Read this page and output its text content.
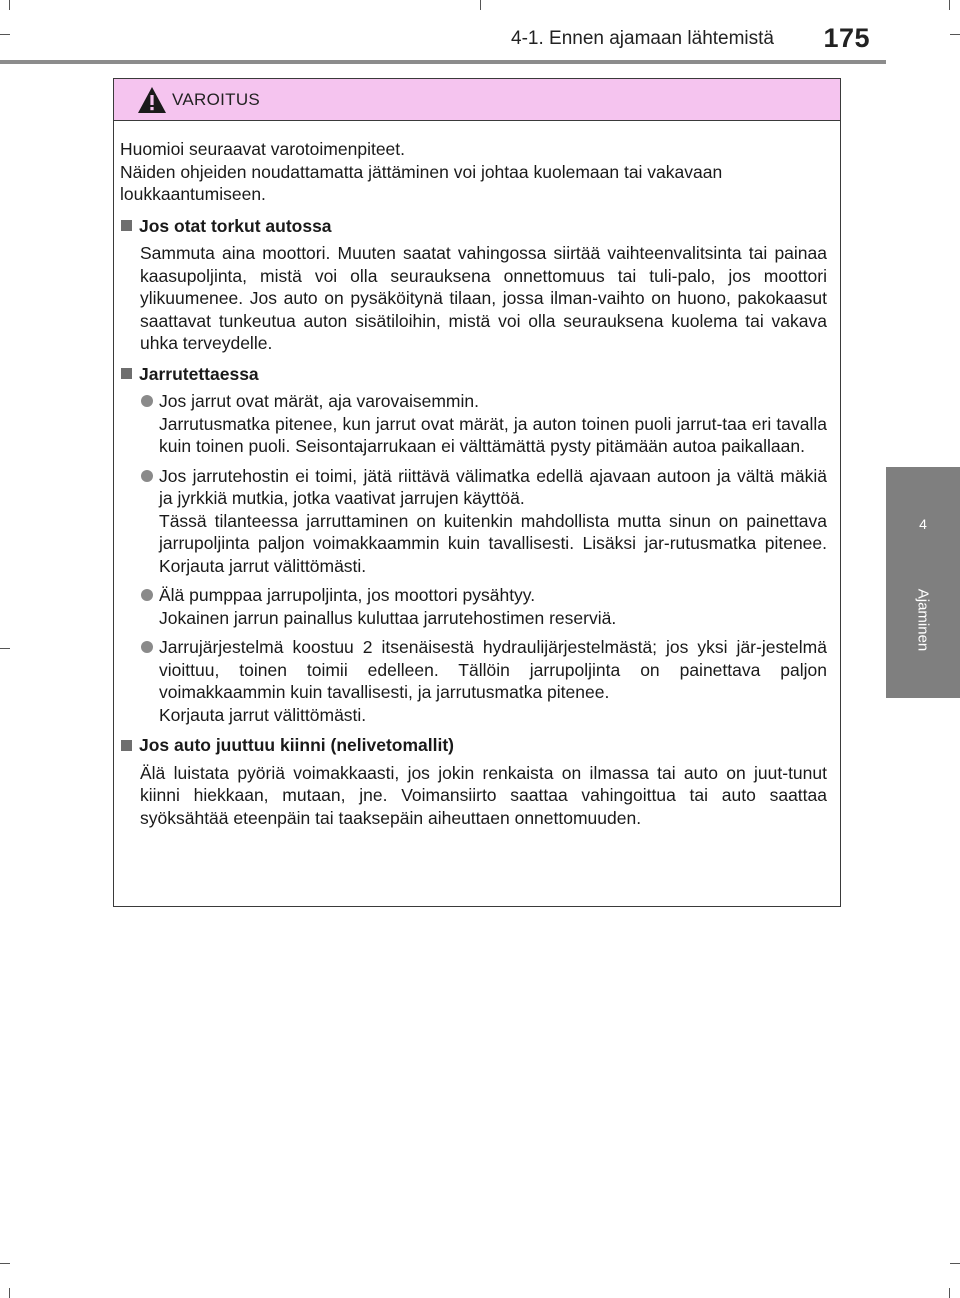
4-1. Ennen ajamaan lähtemistä 175
4
Ajaminen
VAROITUS

Huomioi seuraavat varotoimenpiteet.
Näiden ohjeiden noudattamatta jättäminen voi johtaa kuolemaan tai vakavaan loukkaantumiseen.

Jos otat torkut autossa
Sammuta aina moottori. Muuten saatat vahingossa siirtää vaihteenvalitsinta tai painaa kaasupoljinta, mistä voi olla seurauksena onnettomuus tai tuli-palo, jos moottori ylikuumenee. Jos auto on pysäköitynä tilaan, jossa ilman-vaihto on huono, pakokaasut saattavat tunkeutua auton sisätiloihin, mistä voi olla seurauksena kuolema tai vakava uhka terveydelle.
Jarrutettaessa
Jos jarrut ovat märät, aja varovaisemmin.
Jarrutusmatka pitenee, kun jarrut ovat märät, ja auton toinen puoli jarrut-taa eri tavalla kuin toinen puoli. Seisontajarrukaan ei välttämättä pysty pitämään autoa paikallaan.
Jos jarrutehostin ei toimi, jätä riittävä välimatka edellä ajavaan autoon ja vältä mäkiä ja jyrkkiä mutkia, jotka vaativat jarrujen käyttöä.
Tässä tilanteessa jarruttaminen on kuitenkin mahdollista mutta sinun on painettava jarrupoljinta paljon voimakkaammin kuin tavallisesti. Lisäksi jar-rutusmatka pitenee. Korjauta jarrut välittömästi.
Älä pumppaa jarrupoljinta, jos moottori pysähtyy.
Jokainen jarrun painallus kuluttaa jarrutehostimen reserviä.
Jarrujärjestelmä koostuu 2 itsenäisestä hydraulijärjestelmästä; jos yksi jär-jestelmä vioittuu, toinen toimii edelleen. Tällöin jarrupoljinta on painettava paljon voimakkaammin kuin tavallisesti, ja jarrutusmatka pitenee.
Korjauta jarrut välittömästi.
Jos auto juuttuu kiinni (nelivetomallit)
Älä luistata pyöriä voimakkaasti, jos jokin renkaista on ilmassa tai auto on juut-tunut kiinni hiekkaan, mutaan, jne. Voimansiirto saattaa vahingoittua tai auto saattaa syöksähtää eteenpäin tai taaksepäin aiheuttaen onnettomuuden.
